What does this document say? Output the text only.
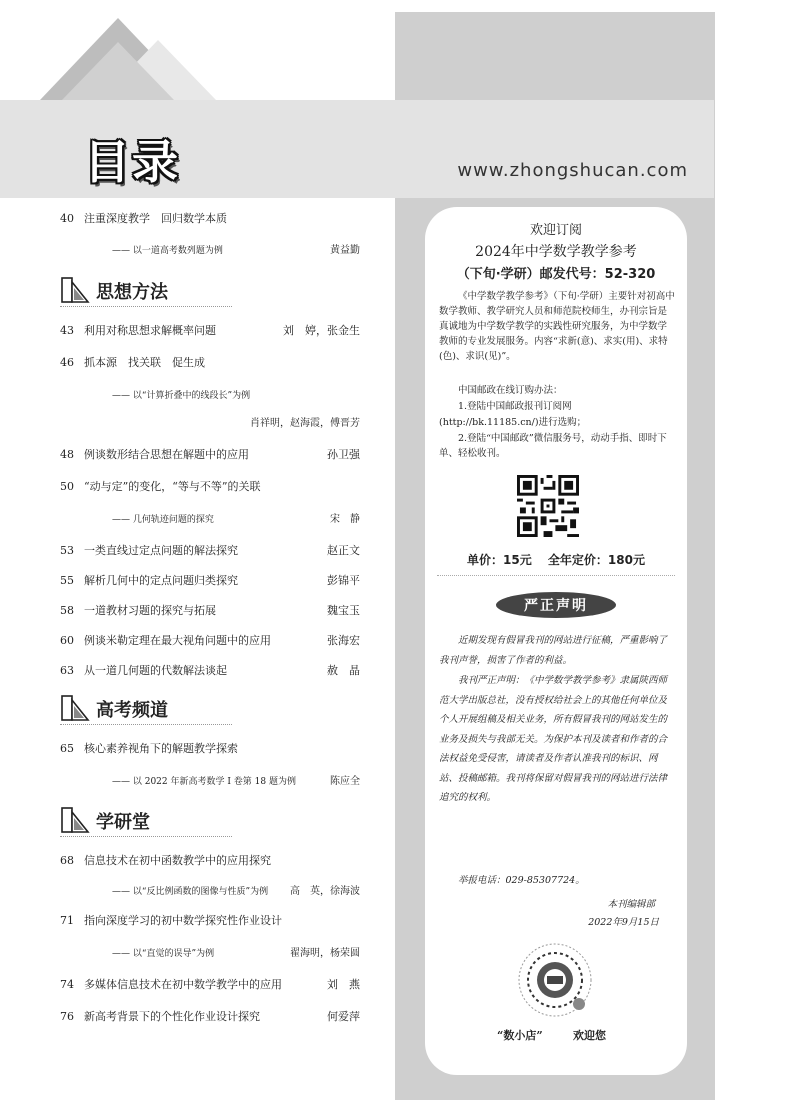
目录	www.zhongshucan.com
40 注重深度教学　回归数学本质
—— 以一道高考数列题为例	黄益勤
思想方法
43 利用对称思想求解概率问题	刘　婷，张金生
46 抓本源　找关联　促生成
—— 以“计算折叠中的线段长”为例
肖祥明，赵海霞，傅晋芳
48 例谈数形结合思想在解题中的应用	孙卫强
50 “动与定”的变化，“等与不等”的关联
—— 几何轨迹问题的探究	宋　静
53 一类直线过定点问题的解法探究	赵正文
55 解析几何中的定点问题归类探究	彭锦平
58 一道教材习题的探究与拓展	魏宝玉
60 例谈米勒定理在最大视角问题中的应用	张海宏
63 从一道几何题的代数解法谈起	赦　晶
高考频道
65 核心素养视角下的解题教学探索
—— 以 2022 年新高考数学 Ⅰ 卷第 18 题为例	陈应全
学研堂
68 信息技术在初中函数教学中的应用探究
—— 以“反比例函数的图像与性质”为例 高　英，徐海波
71 指向深度学习的初中数学探究性作业设计
—— 以“直觉的误导”为例	翟海明，杨荣圆
74 多媒体信息技术在初中数学教学中的应用	刘　燕
76 新高考背景下的个性化作业设计探究	何爱萍
欢迎订阅
2024年中学数学教学参考
（下旬·学研）邮发代号：52-320
《中学数学教学参考》（下旬·学研）主要针对初高中数学教师、教学研究人员和师范院校师生，办刊宗旨是真诚地为中学数学教学的实践性研究服务，为中学数学教师的专业发展服务。内容“求新(意)、求实(用)、求特(色)、求识(见)”。
中国邮政在线订购办法：
1.登陆中国邮政报刊订阅网
(http://bk.11185.cn/)进行选购；
2.登陆“中国邮政”微信服务号，动动手指、即时下单、轻松收刊。
单价：15元　 全年定价：180元
严正声明
近期发现有假冒我刊的网站进行征稿，严重影响了我刊声誉，损害了作者的利益。
我刊严正声明：《中学数学教学参考》隶属陕西师范大学出版总社，没有授权给社会上的其他任何单位及个人开展组稿及相关业务，所有假冒我刊的网站发生的业务及损失与我部无关。为保护本刊及读者和作者的合法权益免受侵害，请读者及作者认准我刊的标识、网站、投稿邮箱。我刊将保留对假冒我刊的网站进行法律追究的权利。
举报电话：029-85307724。
本刊编辑部
2022年9月15日
“数小店”	欢迎您
